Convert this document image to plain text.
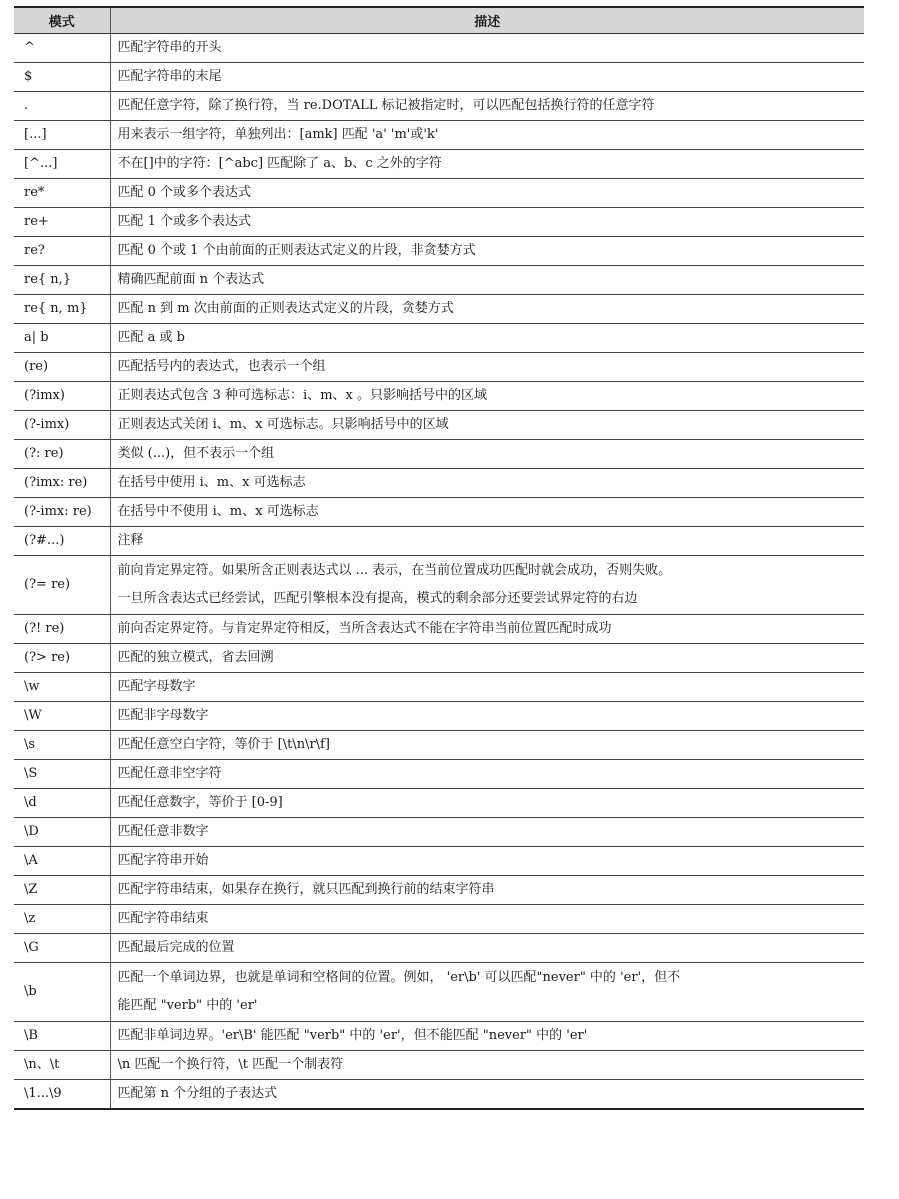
模式	描述
^	匹配字符串的开头

$	匹配字符串的末尾

.	匹配任意字符，除了换行符，当 re.DOTALL 标记被指定时，可以匹配包括换行符的任意字符

[...]	用来表示一组字符，单独列出：[amk] 匹配 'a' 'm'或'k'

[^...]	不在[]中的字符：[^abc] 匹配除了 a、b、c 之外的字符

re*	匹配 0 个或多个表达式

re+	匹配 1 个或多个表达式

re?	匹配 0 个或 1 个由前面的正则表达式定义的片段，非贪婪方式

re{ n,}	精确匹配前面 n 个表达式

re{ n, m}	匹配 n 到 m 次由前面的正则表达式定义的片段，贪婪方式

a| b	匹配 a 或 b

(re)	匹配括号内的表达式，也表示一个组

(?imx)	正则表达式包含 3 种可选标志：i、m、x 。只影响括号中的区域

(?-imx)	正则表达式关闭 i、m、x 可选标志。只影响括号中的区域

(?: re)	类似 (...)，但不表示一个组

(?imx: re)	在括号中使用 i、m、x 可选标志

(?-imx: re)	在括号中不使用 i、m、x 可选标志

(?#...)	注释

(?= re)	前向肯定界定符。如果所含正则表达式以 ... 表示，在当前位置成功匹配时就会成功，否则失败。
一旦所含表达式已经尝试，匹配引擎根本没有提高，模式的剩余部分还要尝试界定符的右边

(?! re)	前向否定界定符。与肯定界定符相反，当所含表达式不能在字符串当前位置匹配时成功

(?> re)	匹配的独立模式，省去回溯

\w	匹配字母数字

\W	匹配非字母数字

\s	匹配任意空白字符，等价于 [\t\n\r\f]

\S	匹配任意非空字符

\d	匹配任意数字，等价于 [0-9]

\D	匹配任意非数字

\A	匹配字符串开始

\Z	匹配字符串结束，如果存在换行，就只匹配到换行前的结束字符串

\z	匹配字符串结束

\G	匹配最后完成的位置

\b	匹配一个单词边界，也就是单词和空格间的位置。例如， 'er\b' 可以匹配"never" 中的 'er'，但不
能匹配 "verb" 中的 'er'

\B	匹配非单词边界。'er\B' 能匹配 "verb" 中的 'er'，但不能匹配 "never" 中的 'er'

\n、\t	\n 匹配一个换行符，\t 匹配一个制表符

\1...\9	匹配第 n 个分组的子表达式
